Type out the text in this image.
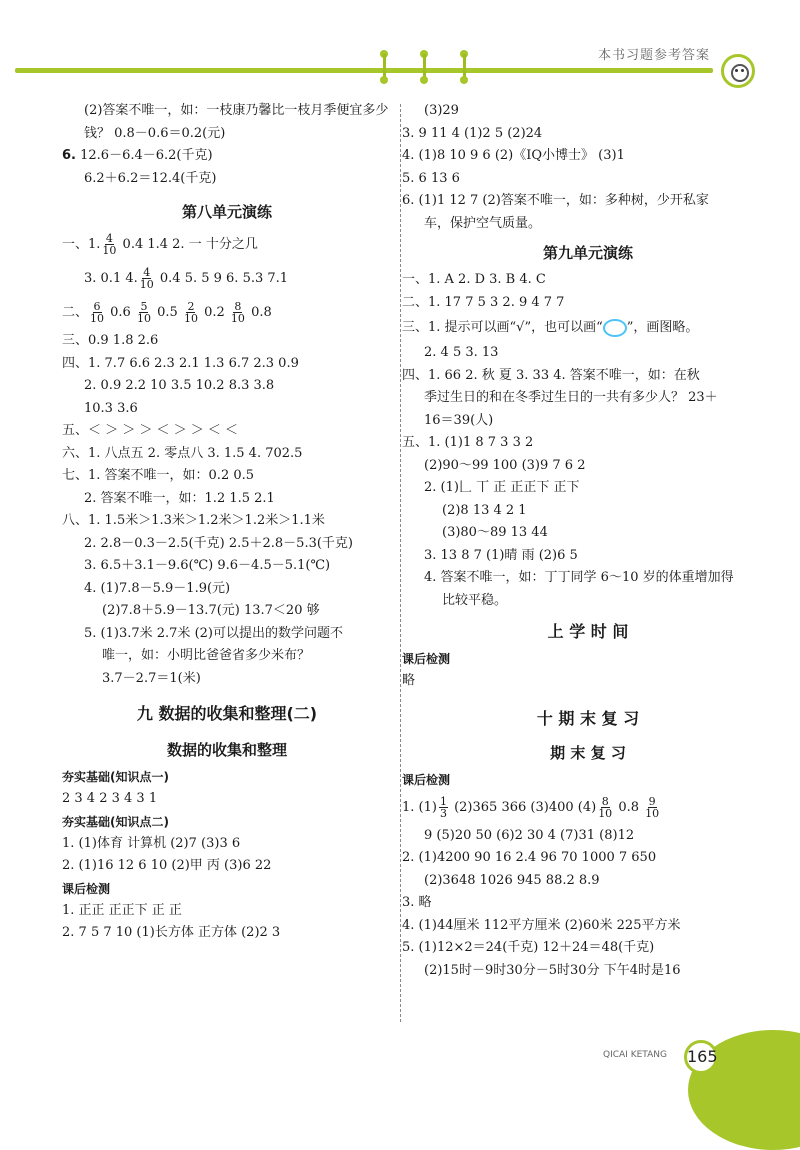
本书习题参考答案
(2)答案不唯一，如：一枝康乃馨比一枝月季便宜多少
钱？ 0.8－0.6＝0.2(元)
6. 12.6－6.4－6.2(千克)
6.2＋6.2＝12.4(千克)
第八单元演练
一、1. $\frac{4}{10} 0.4$ 1.4 2. 一 十分之几
3. 0.1 4. $\frac{4}{10} 0.4$ 5. 5 9 6. 5.3 7.1
二、 $\frac{6}{10} 0.6 \frac{5}{10} 0.5 \frac{2}{10} 0.2 \frac{8}{10} 0.8$
三、0.9 1.8 2.6
四、1. 7.7 6.6 2.3 2.1 1.3 6.7 2.3 0.9
2. 0.9 2.2 10 3.5 10.2 8.3 3.8
10.3 3.6
五、＜ ＞ ＞ ＞ ＜ ＞ ＞ ＜ ＜
六、1. 八点五 2. 零点八 3. 1.5 4. 702.5
七、1. 答案不唯一，如：0.2 0.5
2. 答案不唯一，如：1.2 1.5 2.1
八、1. 1.5米＞1.3米＞1.2米＞1.2米＞1.1米
2. 2.8－0.3－2.5(千克) 2.5＋2.8－5.3(千克)
3. 6.5＋3.1－9.6(℃) 9.6－4.5－5.1(℃)
4. (1)7.8－5.9－1.9(元)
(2)7.8＋5.9－13.7(元) 13.7＜20 够
5. (1)3.7米 2.7米 (2)可以提出的数学问题不
唯一，如：小明比爸爸省多少米布？
3.7－2.7＝1(米)
九 数据的收集和整理(二)
数据的收集和整理
夯实基础(知识点一)
2 3 4 2 3 4 3 1
夯实基础(知识点二)
1. (1)体育 计算机 (2)7 (3)3 6
2. (1)16 12 6 10 (2)甲 丙 (3)6 22
课后检测
1. 正正 正正下 正 正
2. 7 5 7 10 (1)长方体 正方体 (2)2 3
(3)29
3. 9 11 4 (1)2 5 (2)24
4. (1)8 10 9 6 (2)《IQ小博士》 (3)1
5. 6 13 6
6. (1)1 12 7 (2)答案不唯一，如：多种树，少开私家
车，保护空气质量。
第九单元演练
一、1. A 2. D 3. B 4. C
二、1. 17 7 5 3 2. 9 4 7 7
三、1. 提示可以画“√”，也可以画“ ”，画图略。
2. 4 5 3. 13
四、1. 66 2. 秋 夏 3. 33 4. 答案不唯一，如：在秋
季过生日的和在冬季过生日的一共有多少人？ 23＋
16＝39(人)
五、1. (1)1 8 7 3 3 2
(2)90～99 100 (3)9 7 6 2
2. (1)𠃊 丅 正 正正下 正下
(2)8 13 4 2 1
(3)80～89 13 44
3. 13 8 7 (1)晴 雨 (2)6 5
4. 答案不唯一，如：丁丁同学 6～10 岁的体重增加得
比较平稳。
上 学 时 间
课后检测
略
十 期 末 复 习
期 末 复 习
课后检测
1. $(1) \frac{1}{3} (2)365$ 366 (3)400 $(4) \frac{8}{10} 0.8 \frac{9}{10}$
9 (5)20 50 (6)2 30 4 (7)31 (8)12
2. (1)4200 90 16 2.4 96 70 1000 7 650
(2)3648 1026 945 88.2 8.9
3. 略
4. (1)44厘米 112平方厘米 (2)60米 225平方米
5. (1)12×2＝24(千克) 12＋24＝48(千克)
(2)15时－9时30分－5时30分 下午4时是16
QICAI KETANG 165
